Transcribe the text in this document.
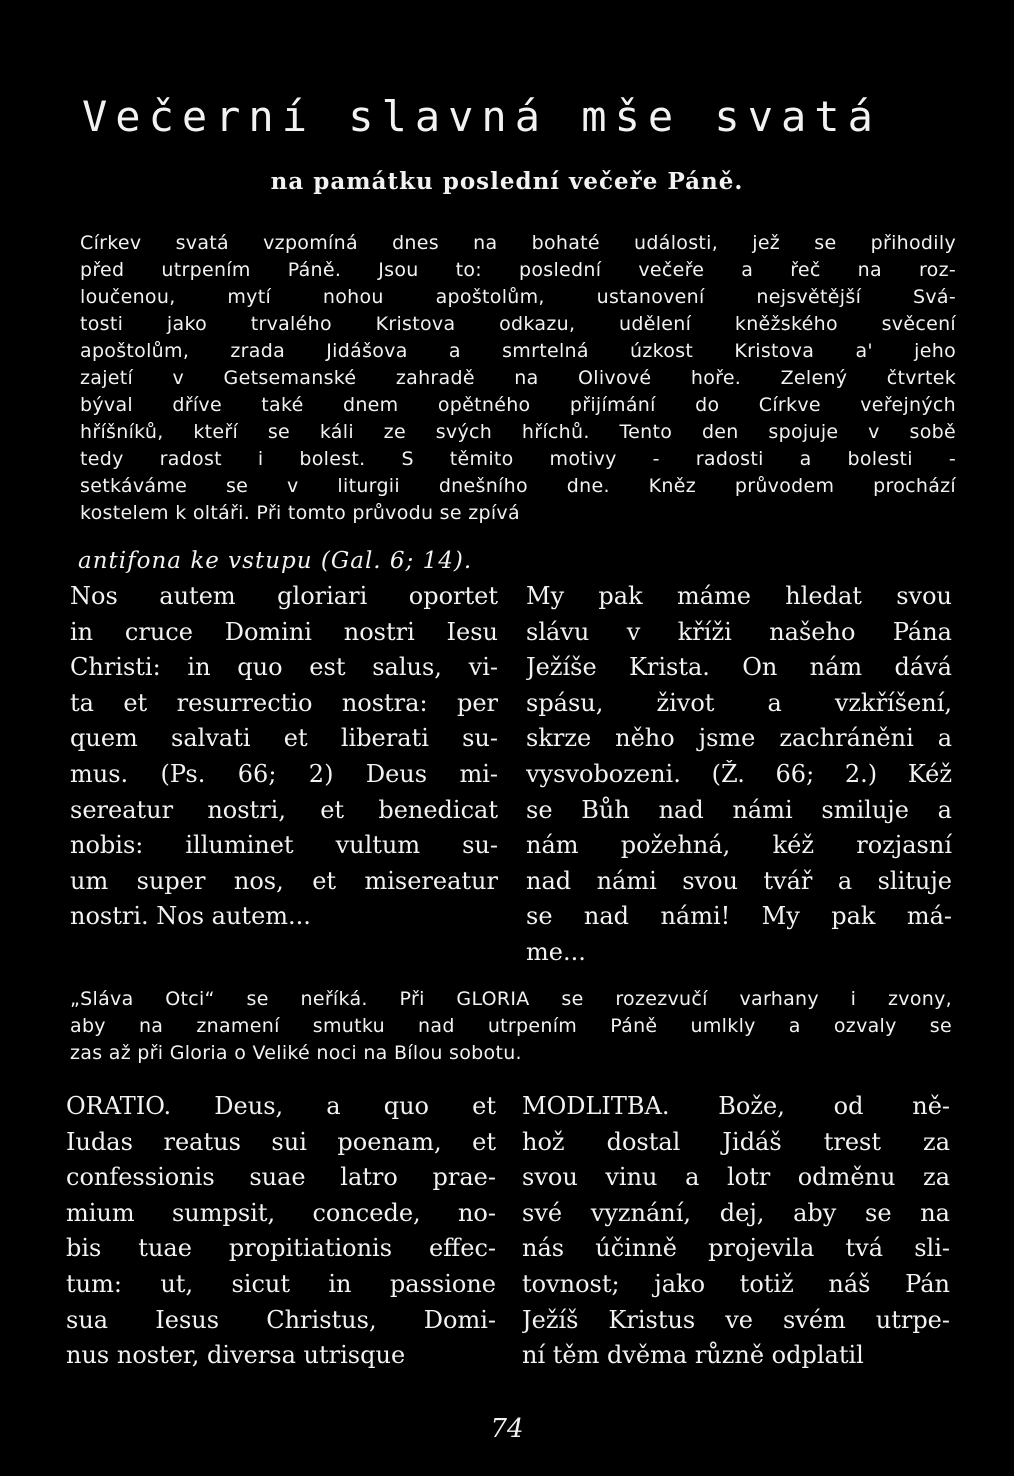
Večerní slavná mše svatá

na památku poslední večeře Páně.

Církev svatá vzpomíná dnes na bohaté události, jež se přihodily
před utrpením Páně. Jsou to: poslední večeře a řeč na roz-
loučenou, mytí nohou apoštolům, ustanovení nejsvětější Svá-
tosti jako trvalého Kristova odkazu, udělení kněžského svěcení
apoštolům, zrada Jidášova a smrtelná úzkost Kristova a' jeho
zajetí v Getsemanské zahradě na Olivové hoře. Zelený čtvrtek
býval dříve také dnem opětného přijímání do Církve veřejných
hříšníků, kteří se káli ze svých hříchů. Tento den spojuje v sobě
tedy radost i bolest. S těmito motivy - radosti a bolesti -
setkáváme se v liturgii dnešního dne. Kněz průvodem prochází
kostelem k oltáři. Při tomto průvodu se zpívá

antifona ke vstupu (Gal. 6; 14).

Nos autem gloriari oportet
in cruce Domini nostri Iesu
Christi: in quo est salus, vi-
ta et resurrectio nostra: per
quem salvati et liberati su-
mus. (Ps. 66; 2) Deus mi-
sereatur nostri, et benedicat
nobis: illuminet vultum su-
um super nos, et misereatur
nostri. Nos autem...
My pak máme hledat svou
slávu v kříži našeho Pána
Ježíše Krista. On nám dává
spásu, život a vzkříšení,
skrze něho jsme zachráněni a
vysvobozeni. (Ž. 66; 2.) Kéž
se Bůh nad námi smiluje a
nám požehná, kéž rozjasní
nad námi svou tvář a slituje
se nad námi! My pak má-
me...
„Sláva Otci“ se neříká. Při GLORIA se rozezvučí varhany i zvony,
aby na znamení smutku nad utrpením Páně umlkly a ozvaly se
zas až při Gloria o Veliké noci na Bílou sobotu.
ORATIO. Deus, a quo et
Iudas reatus sui poenam, et
confessionis suae latro prae-
mium sumpsit, concede, no-
bis tuae propitiationis effec-
tum: ut, sicut in passione
sua Iesus Christus, Domi-
nus noster, diversa utrisque
MODLITBA. Bože, od ně-
hož dostal Jidáš trest za
svou vinu a lotr odměnu za
své vyznání, dej, aby se na
nás účinně projevila tvá sli-
tovnost; jako totiž náš Pán
Ježíš Kristus ve svém utrpe-
ní těm dvěma různě odplatil

74
